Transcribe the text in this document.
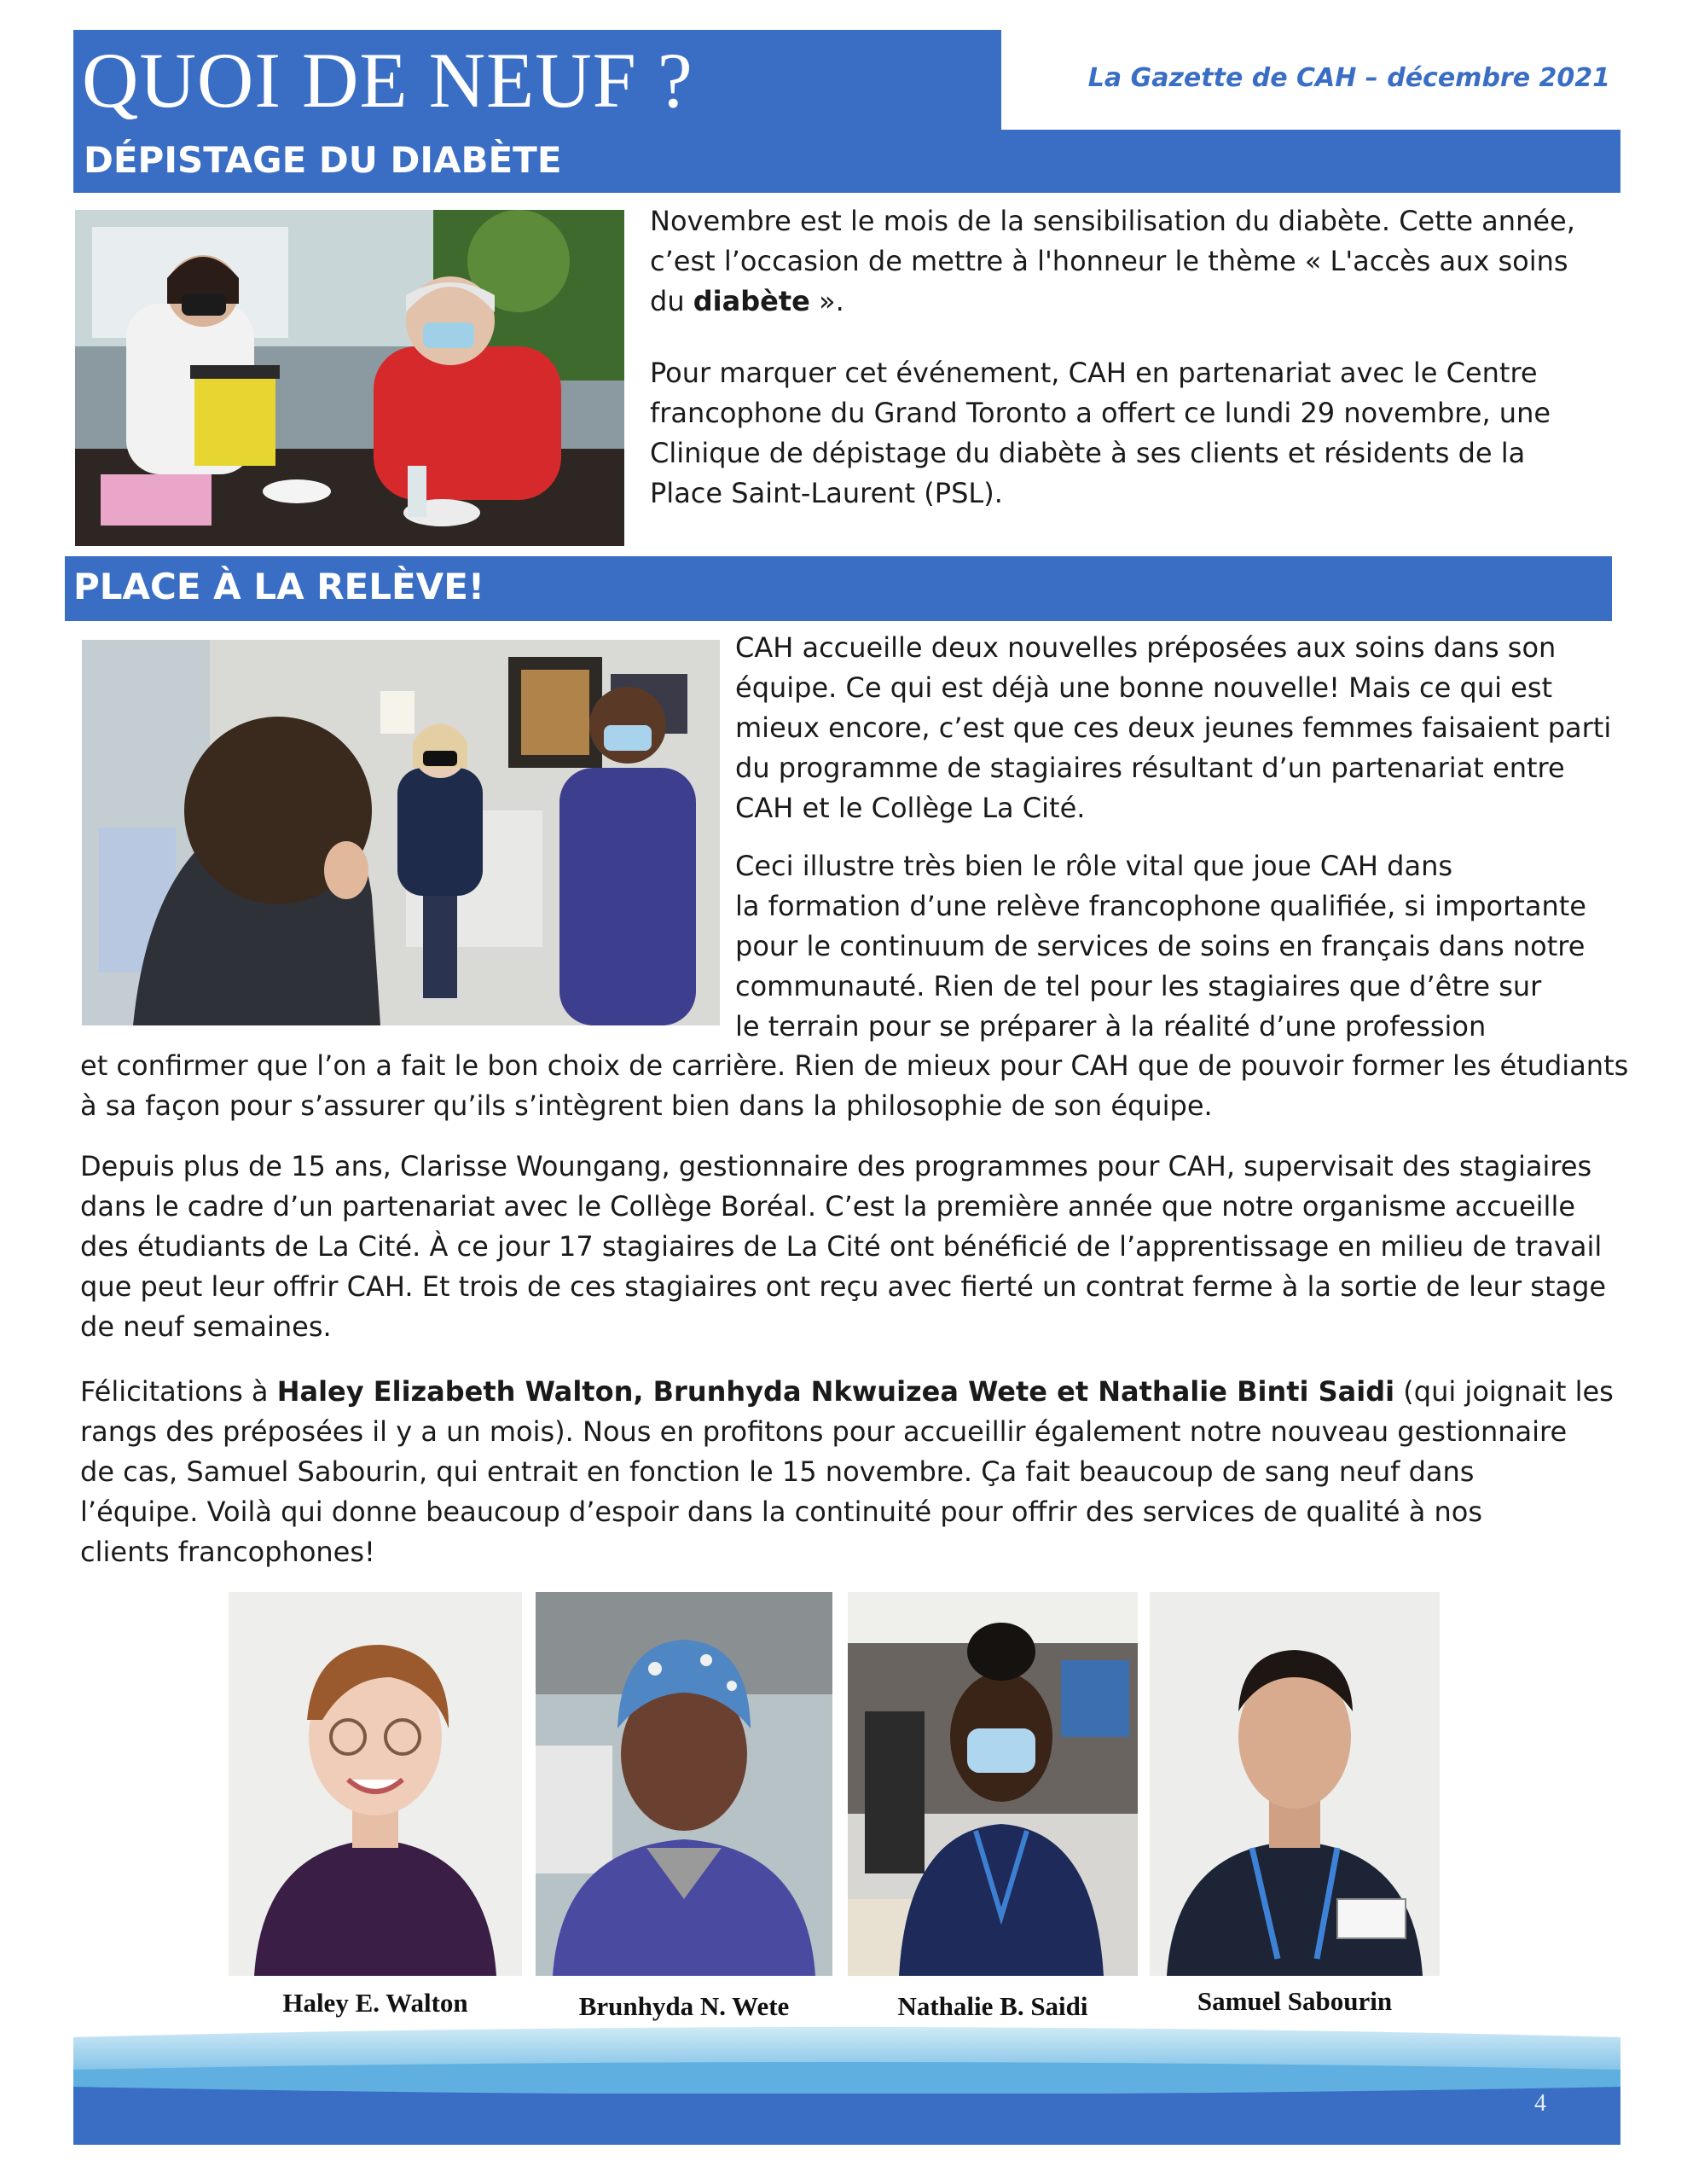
QUOI DE NEUF ?	La Gazette de CAH – décembre 2021
DÉPISTAGE DU DIABÈTE
Novembre est le mois de la sensibilisation du diabète. Cette année,
c’est l’occasion de mettre à l'honneur le thème « L'accès aux soins
du diabète ».
Pour marquer cet événement, CAH en partenariat avec le Centre
francophone du Grand Toronto a offert ce lundi 29 novembre, une
Clinique de dépistage du diabète à ses clients et résidents de la
Place Saint-Laurent (PSL).
PLACE À LA RELÈVE!
CAH accueille deux nouvelles préposées aux soins dans son
équipe. Ce qui est déjà une bonne nouvelle! Mais ce qui est
mieux encore, c’est que ces deux jeunes femmes faisaient parti
du programme de stagiaires résultant d’un partenariat entre
CAH et le Collège La Cité.
Ceci illustre très bien le rôle vital que joue CAH dans
la formation d’une relève francophone qualifiée, si importante
pour le continuum de services de soins en français dans notre
communauté. Rien de tel pour les stagiaires que d’être sur
le terrain pour se préparer à la réalité d’une profession
et confirmer que l’on a fait le bon choix de carrière. Rien de mieux pour CAH que de pouvoir former les étudiants
à sa façon pour s’assurer qu’ils s’intègrent bien dans la philosophie de son équipe.
Depuis plus de 15 ans, Clarisse Woungang, gestionnaire des programmes pour CAH, supervisait des stagiaires
dans le cadre d’un partenariat avec le Collège Boréal. C’est la première année que notre organisme accueille
des étudiants de La Cité. À ce jour 17 stagiaires de La Cité ont bénéficié de l’apprentissage en milieu de travail
que peut leur offrir CAH. Et trois de ces stagiaires ont reçu avec fierté un contrat ferme à la sortie de leur stage
de neuf semaines.
Félicitations à Haley Elizabeth Walton, Brunhyda Nkwuizea Wete et Nathalie Binti Saidi (qui joignait les
rangs des préposées il y a un mois). Nous en profitons pour accueillir également notre nouveau gestionnaire
de cas, Samuel Sabourin, qui entrait en fonction le 15 novembre. Ça fait beaucoup de sang neuf dans
l’équipe. Voilà qui donne beaucoup d’espoir dans la continuité pour offrir des services de qualité à nos
clients francophones!
Haley E. Walton	Brunhyda N. Wete	Nathalie B. Saidi	Samuel Sabourin
4
